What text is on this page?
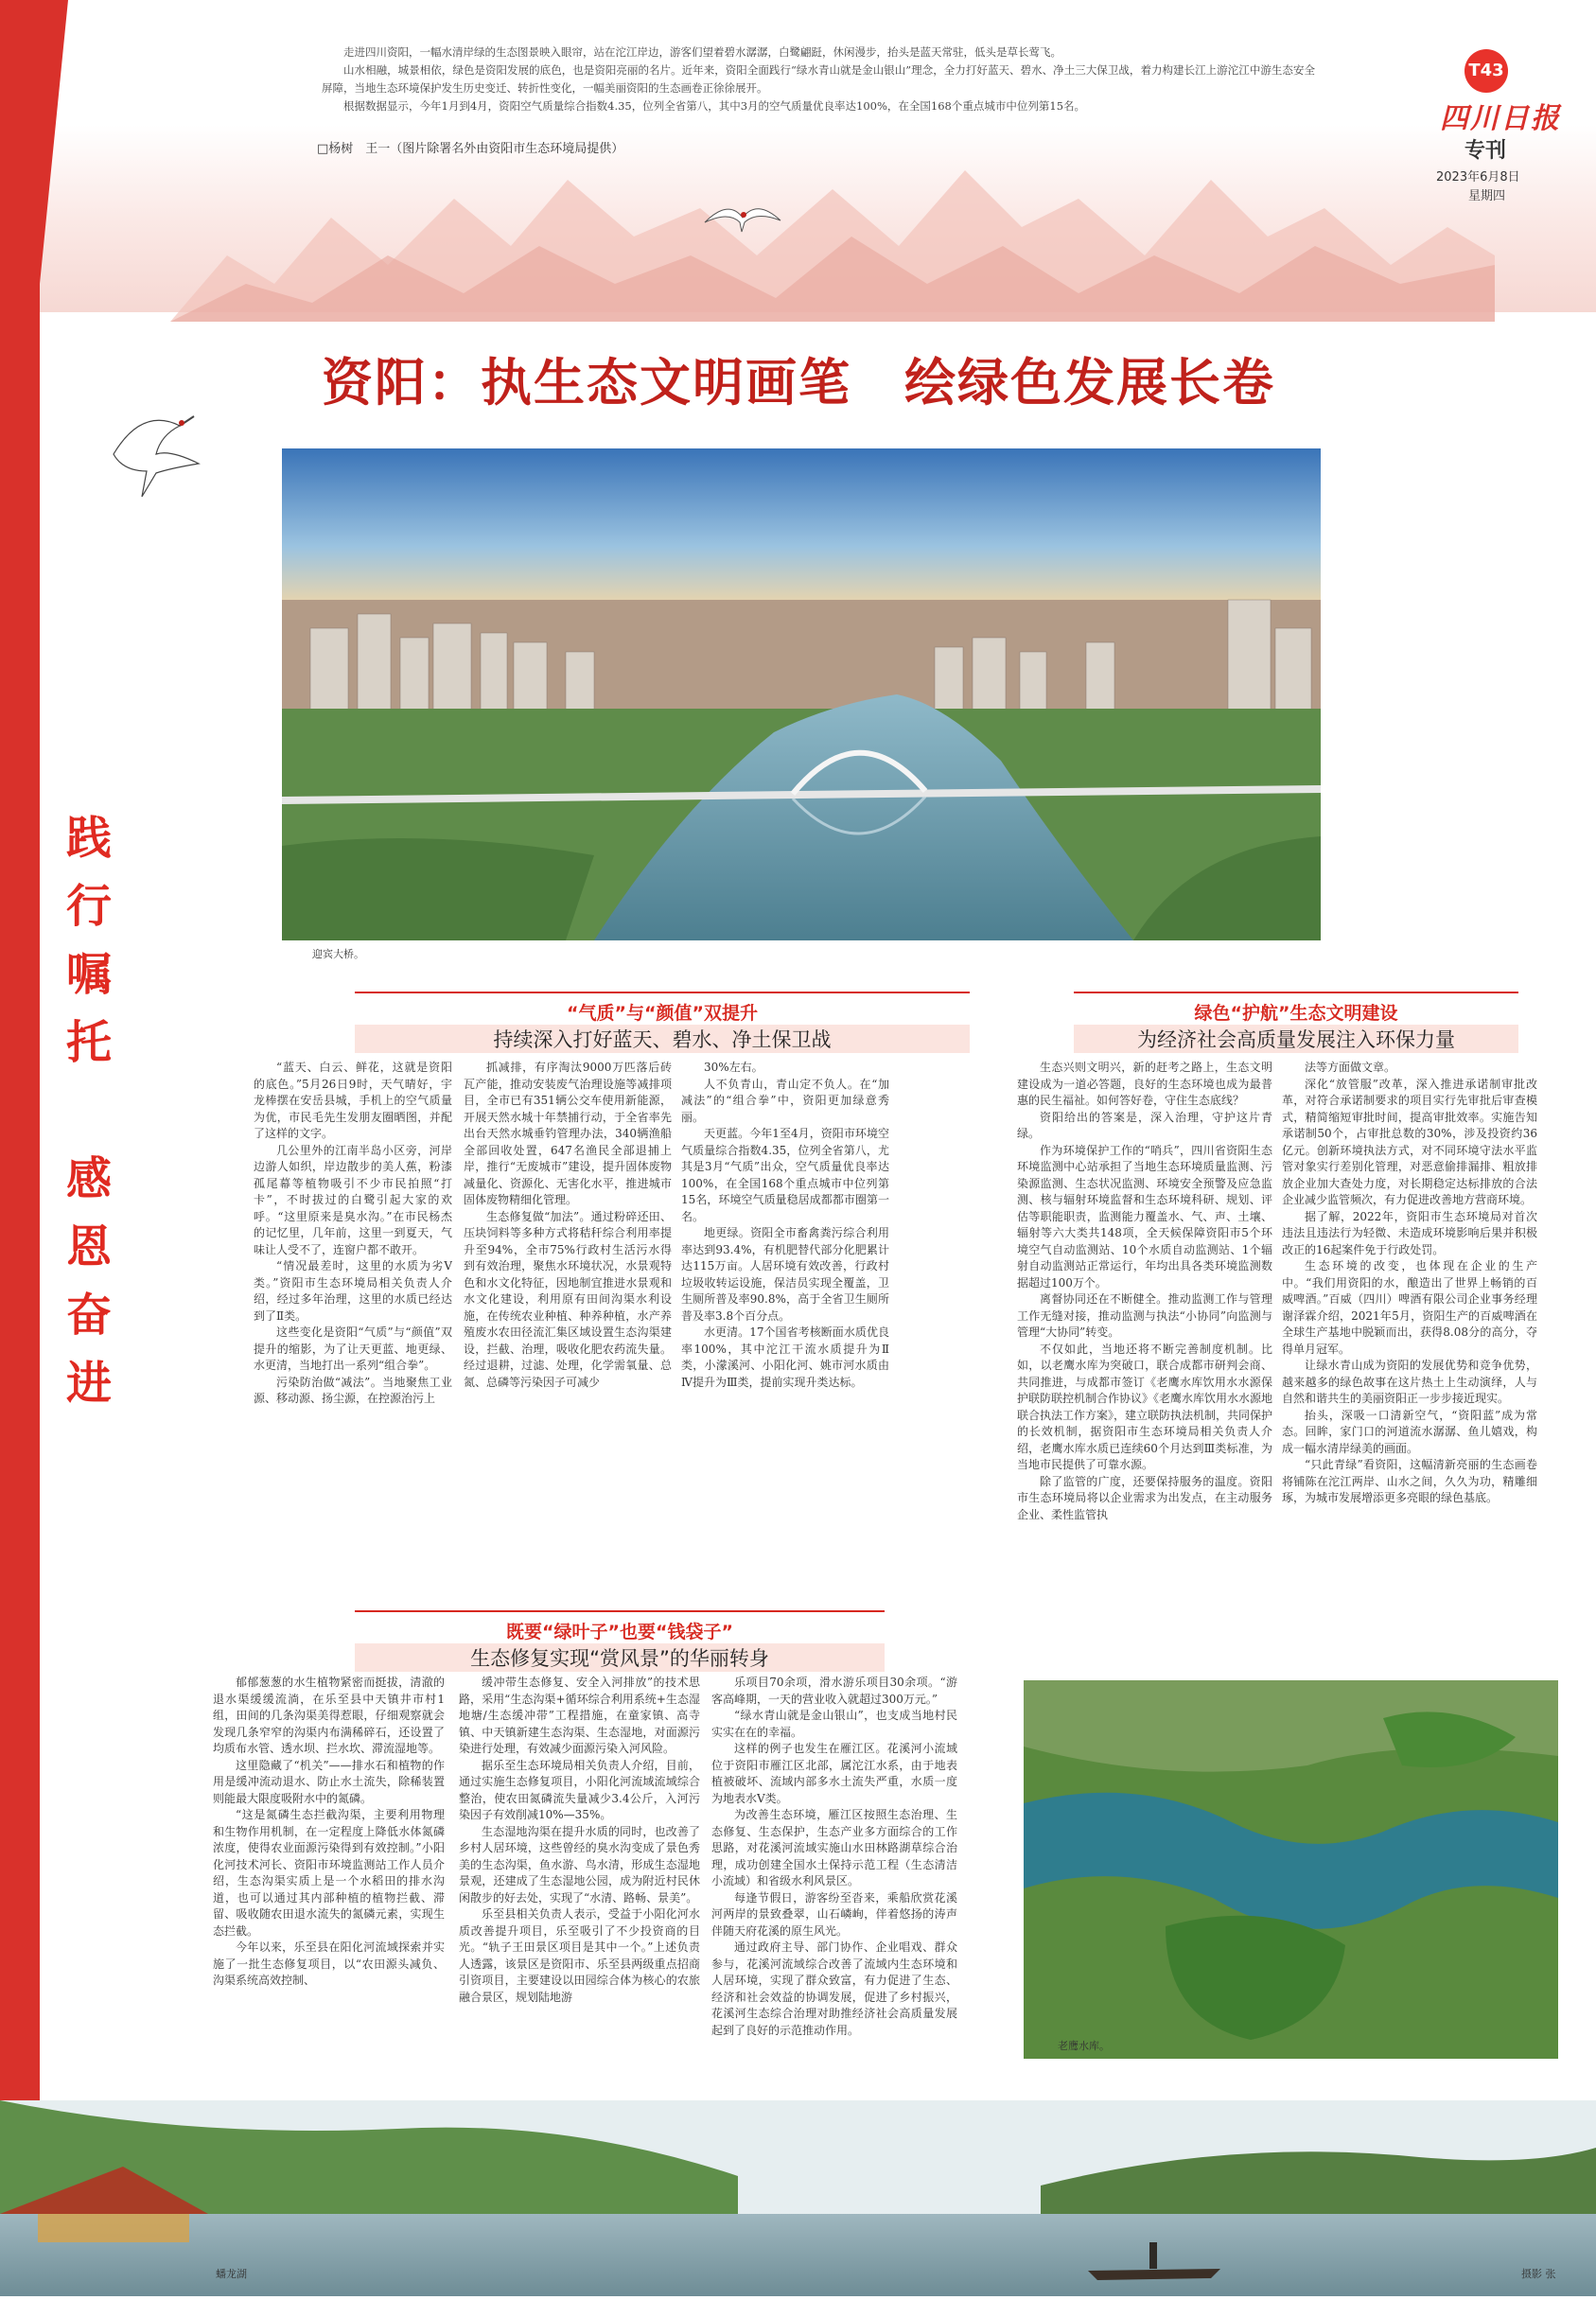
走进四川资阳，一幅水清岸绿的生态图景映入眼帘，站在沱江岸边，游客们望着碧水潺潺，白鹭翩跹，休闲漫步，抬头是蓝天常驻，低头是草长莺飞。

山水相融，城景相依，绿色是资阳发展的底色，也是资阳亮丽的名片。近年来，资阳全面践行“绿水青山就是金山银山”理念，全力打好蓝天、碧水、净土三大保卫战，着力构建长江上游沱江中游生态安全屏障，当地生态环境保护发生历史变迁、转折性变化，一幅美丽资阳的生态画卷正徐徐展开。

根据数据显示，今年1月到4月，资阳空气质量综合指数4.35，位列全省第八，其中3月的空气质量优良率达100%，在全国168个重点城市中位列第15名。

□杨树　王一（图片除署名外由资阳市生态环境局提供）
T43
四川日报
专刊
2023年6月8日
星期四
资阳：执生态文明画笔　绘绿色发展长卷
迎宾大桥。
践
行
嘱
托
感
恩
奋
进
“气质”与“颜值”双提升
持续深入打好蓝天、碧水、净土保卫战

“蓝天、白云、鲜花，这就是资阳的底色。”5月26日9时，天气晴好，宇龙棒摆在安岳县城，手机上的空气质量为优，市民毛先生发朋友圈晒图，并配了这样的文字。

几公里外的江南半岛小区旁，河岸边游人如织，岸边散步的美人蕉，粉漆孤尾幕等植物吸引不少市民拍照“打卡”，不时拔过的白鹭引起大家的欢呼。“这里原来是臭水沟。”在市民杨杰的记忆里，几年前，这里一到夏天，气味让人受不了，连窗户都不敢开。

“情况最差时，这里的水质为劣Ⅴ类。”资阳市生态环境局相关负责人介绍，经过多年治理，这里的水质已经达到了Ⅱ类。

这些变化是资阳“气质”与“颜值”双提升的缩影，为了让天更蓝、地更绿、水更清，当地打出一系列“组合拳”。

污染防治做“减法”。当地聚焦工业源、移动源、扬尘源，在控源治污上

抓减排，有序淘汰9000万匹落后砖瓦产能，推动安装废气治理设施等减排项目，全市已有351辆公交车使用新能源，开展天然水城十年禁捕行动，于全省率先出台天然水城垂钓管理办法，340辆渔船全部回收处置，647名渔民全部退捕上岸，推行“无废城市”建设，提升固体废物减量化、资源化、无害化水平，推进城市固体废物精细化管理。

生态修复做“加法”。通过粉碎还田、压块饲料等多种方式将秸秆综合利用率提升至94%，全市75%行政村生活污水得到有效治理，聚焦水环境状况，水景观特色和水文化特征，因地制宜推进水景观和水文化建设，利用原有田间沟渠水利设施，在传统农业种植、种养种植，水产养殖废水农田径流汇集区域设置生态沟渠建设，拦截、治理，吸收化肥农药流失量。经过退耕，过滤、处理，化学需氧量、总氮、总磷等污染因子可减少

30%左右。

人不负青山，青山定不负人。在“加减法”的“组合拳”中，资阳更加绿意秀丽。

天更蓝。今年1至4月，资阳市环境空气质量综合指数4.35，位列全省第八，尤其是3月“气质”出众，空气质量优良率达100%，在全国168个重点城市中位列第15名，环境空气质量稳居成都都市圈第一名。

地更绿。资阳全市畜禽粪污综合利用率达到93.4%，有机肥替代部分化肥累计达115万亩。人居环境有效改善，行政村垃圾收转运设施，保洁员实现全覆盖，卫生厕所普及率90.8%，高于全省卫生厕所普及率3.8个百分点。

水更清。17个国省考核断面水质优良率100%，其中沱江干流水质提升为Ⅱ类，小濛溪河、小阳化河、姚市河水质由Ⅳ提升为Ⅲ类，提前实现升类达标。

既要“绿叶子”也要“钱袋子”
生态修复实现“赏风景”的华丽转身

郁郁葱葱的水生植物紧密而挺拔，清澈的退水渠缓缓流淌，在乐至县中天镇井市村1组，田间的几条沟渠美得惹眼，仔细观察就会发现几条窄窄的沟渠内布满稀碎石，还设置了均质布水管、透水坝、拦水坎、滞流湿地等。

这里隐藏了“机关”——排水石和植物的作用是缓冲流动退水、防止水土流失，除稀装置则能最大限度吸附水中的氮磷。

“这是氮磷生态拦截沟渠，主要利用物理和生物作用机制，在一定程度上降低水体氮磷浓度，使得农业面源污染得到有效控制。”小阳化河技术河长、资阳市环境监测站工作人员介绍，生态沟渠实质上是一个水稻田的排水沟道，也可以通过其内部种植的植物拦截、滞留、吸收随农田退水流失的氮磷元素，实现生态拦截。

今年以来，乐至县在阳化河流域探索并实施了一批生态修复项目，以“农田源头减负、沟渠系统高效控制、

缓冲带生态修复、安全入河排放”的技术思路，采用“生态沟渠+循环综合利用系统+生态湿地塘/生态缓冲带”工程措施，在童家镇、高寺镇、中天镇新建生态沟渠、生态湿地，对面源污染进行处理，有效减少面源污染入河风险。

据乐至生态环境局相关负责人介绍，目前，通过实施生态修复项目，小阳化河流域流域综合整治，使农田氮磷流失量减少3.4公斤，入河污染因子有效削减10%—35%。

生态湿地沟渠在提升水质的同时，也改善了乡村人居环境，这些曾经的臭水沟变成了景色秀美的生态沟渠，鱼水游、鸟水清，形成生态湿地景观，还建成了生态湿地公园，成为附近村民休闲散步的好去处，实现了“水清、路畅、景美”。

乐至县相关负责人表示，受益于小阳化河水质改善提升项目，乐至吸引了不少投资商的目光。“轨子王田景区项目是其中一个。”上述负责人透露，该景区是资阳市、乐至县两级重点招商引资项目，主要建设以田园综合体为核心的农旅融合景区，规划陆地游

乐项目70余项，滑水游乐项目30余项。“游客高峰期，一天的营业收入就超过300万元。”

“绿水青山就是金山银山”，也支成当地村民实实在在的幸福。

这样的例子也发生在雁江区。花溪河小流域位于资阳市雁江区北部，属沱江水系，由于地表植被破坏、流域内部多水土流失严重，水质一度为地表水Ⅴ类。

为改善生态环境，雁江区按照生态治理、生态修复、生态保护，生态产业多方面综合的工作思路，对花溪河流域实施山水田林路湖草综合治理，成功创建全国水土保持示范工程（生态清洁小流域）和省级水利风景区。

每逢节假日，游客纷至沓来，乘船欣赏花溪河两岸的景致叠翠，山石嶙峋，伴着悠扬的涛声伴随天府花溪的原生风光。

通过政府主导、部门协作、企业唱戏、群众参与，花溪河流域综合改善了流域内生态环境和人居环境，实现了群众致富，有力促进了生态、经济和社会效益的协调发展，促进了乡村振兴，花溪河生态综合治理对助推经济社会高质量发展起到了良好的示范推动作用。

绿色“护航”生态文明建设
为经济社会高质量发展注入环保力量

生态兴则文明兴，新的赶考之路上，生态文明建设成为一道必答题，良好的生态环境也成为最普惠的民生福祉。如何答好卷，守住生态底线？

资阳给出的答案是，深入治理，守护这片青绿。

作为环境保护工作的“哨兵”，四川省资阳生态环境监测中心站承担了当地生态环境质量监测、污染源监测、生态状况监测、环境安全预警及应急监测、核与辐射环境监督和生态环境科研、规划、评估等职能职责，监测能力覆盖水、气、声、土壤、辐射等六大类共148项，全天候保障资阳市5个环境空气自动监测站、10个水质自动监测站、1个辐射自动监测站正常运行，年均出具各类环境监测数据超过100万个。

离督协同还在不断健全。推动监测工作与管理工作无缝对接，推动监测与执法“小协同”向监测与管理“大协同”转变。

不仅如此，当地还将不断完善制度机制。比如，以老鹰水库为突破口，联合成都市研判会商、共同推进，与成都市签订《老鹰水库饮用水水源保护联防联控机制合作协议》《老鹰水库饮用水水源地联合执法工作方案》，建立联防执法机制，共同保护的长效机制，据资阳市生态环境局相关负责人介绍，老鹰水库水质已连续60个月达到Ⅲ类标准，为当地市民提供了可靠水源。

除了监管的广度，还要保持服务的温度。资阳市生态环境局将以企业需求为出发点，在主动服务企业、柔性监管执

法等方面做文章。

深化“放管服”改革，深入推进承诺制审批改革，对符合承诺制要求的项目实行先审批后审查模式，精简缩短审批时间，提高审批效率。实施告知承诺制50个，占审批总数的30%，涉及投资约36亿元。创新环境执法方式，对不同环境守法水平监管对象实行差别化管理，对恶意偷排漏排、粗放排放企业加大查处力度，对长期稳定达标排放的合法企业减少监管频次，有力促进改善地方营商环境。

据了解，2022年，资阳市生态环境局对首次违法且违法行为轻微、未造成环境影响后果并积极改正的16起案件免于行政处罚。

生态环境的改变，也体现在企业的生产中。“我们用资阳的水，酿造出了世界上畅销的百威啤酒。”百威（四川）啤酒有限公司企业事务经理谢泽霖介绍，2021年5月，资阳生产的百威啤酒在全球生产基地中脱颖而出，获得8.08分的高分，夺得单月冠军。

让绿水青山成为资阳的发展优势和竞争优势，越来越多的绿色故事在这片热土上生动演绎，人与自然和谐共生的美丽资阳正一步步接近现实。

抬头，深吸一口清新空气，“资阳蓝”成为常态。回眸，家门口的河道流水潺潺、鱼儿嬉戏，构成一幅水清岸绿美的画面。

“只此青绿”看资阳，这幅清新亮丽的生态画卷将铺陈在沱江两岸、山水之间，久久为功，精雕细琢，为城市发展增添更多亮眼的绿色基底。

老鹰水库。
蟠龙湖	摄影 张
